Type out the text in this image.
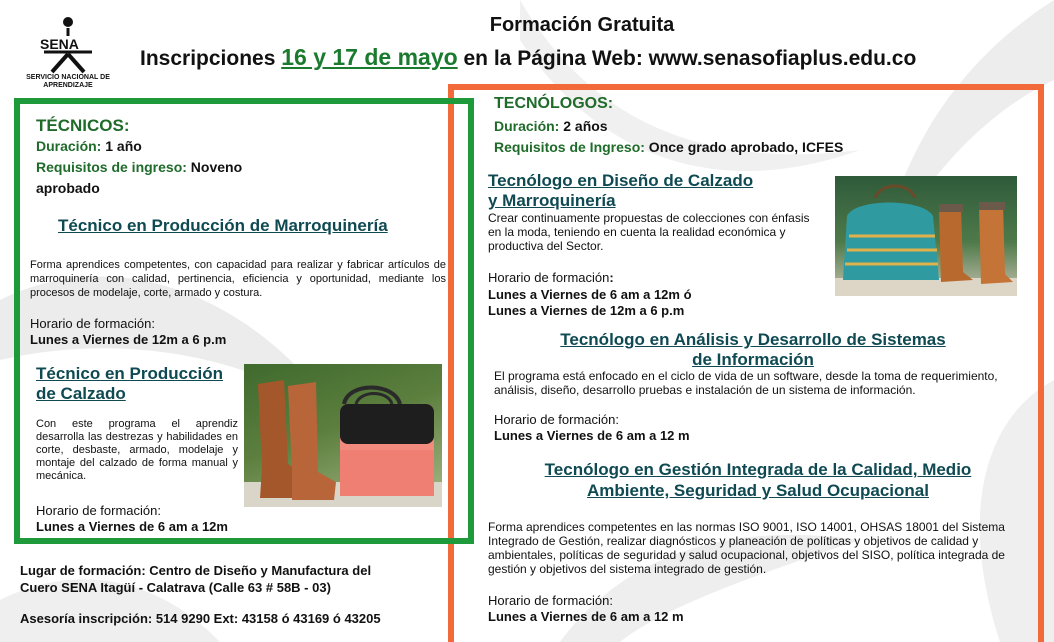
SENA
SERVICIO NACIONAL DE APRENDIZAJE
Formación Gratuita
Inscripciones 16 y 17 de mayo en la Página Web: www.senasofiaplus.edu.co
TÉCNICOS:
Duración: 1 año
Requisitos de ingreso: Noveno
aprobado
Técnico en Producción de Marroquinería
Forma aprendices competentes, con capacidad para realizar y fabricar artículos de marroquinería con calidad, pertinencia, eficiencia y oportunidad, mediante los procesos de modelaje, corte, armado y costura.
Horario de formación:
Lunes a Viernes de 12m a 6 p.m
Técnico en Producción
de Calzado
Con este programa el aprendiz desarrolla las destrezas y habilidades en corte, desbaste, armado, modelaje y montaje del calzado de forma manual y mecánica.
Horario de formación:
Lunes a Viernes de 6 am a 12m
Lugar de formación: Centro de Diseño y Manufactura del
Cuero SENA Itagüí - Calatrava (Calle 63 # 58B - 03)
Asesoría inscripción: 514 9290 Ext: 43158 ó 43169 ó 43205
TECNÓLOGOS:
Duración: 2 años
Requisitos de Ingreso: Once grado aprobado, ICFES
Tecnólogo en Diseño de Calzado
y Marroquinería
Crear continuamente propuestas de colecciones con énfasis en la moda, teniendo en cuenta la realidad económica y productiva del Sector.
Horario de formación:
Lunes a Viernes de 6 am a 12m ó
Lunes a Viernes de 12m a 6 p.m
Tecnólogo en Análisis y Desarrollo de Sistemas
de Información
El programa está enfocado en el ciclo de vida de un software, desde la toma de requerimiento, análisis, diseño, desarrollo pruebas e instalación de un sistema de información.
Horario de formación:
Lunes a Viernes de 6 am a 12 m
Tecnólogo en Gestión Integrada de la Calidad, Medio
Ambiente, Seguridad y Salud Ocupacional
Forma aprendices competentes en las normas ISO 9001, ISO 14001, OHSAS 18001 del Sistema Integrado de Gestión, realizar diagnósticos y planeación de políticas y objetivos de calidad y ambientales, políticas de seguridad y salud ocupacional, objetivos del SISO, política integrada de gestión y objetivos del sistema integrado de gestión.
Horario de formación:
Lunes a Viernes de 6 am a 12 m
